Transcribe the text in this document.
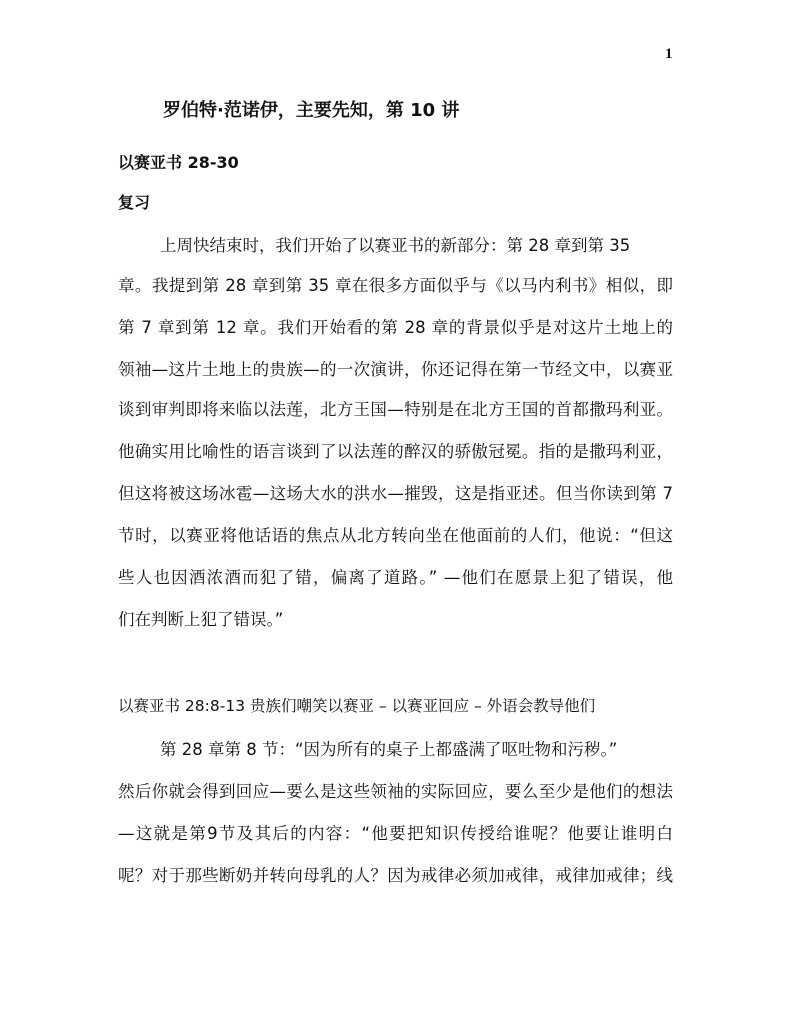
1
罗伯特·范诺伊，主要先知，第 10 讲
以赛亚书 28-30
复习
上周快结束时，我们开始了以赛亚书的新部分：第 28 章到第 35
章。我提到第 28 章到第 35 章在很多方面似乎与《以马内利书》相似，即
第 7 章到第 12 章。我们开始看的第 28 章的背景似乎是对这片土地上的
领袖—这片土地上的贵族—的一次演讲，你还记得在第一节经文中，以赛亚
谈到审判即将来临以法莲，北方王国—特别是在北方王国的首都撒玛利亚。
他确实用比喻性的语言谈到了以法莲的醉汉的骄傲冠冕。指的是撒玛利亚，
但这将被这场冰雹—这场大水的洪水—摧毁，这是指亚述。但当你读到第 7
节时，以赛亚将他话语的焦点从北方转向坐在他面前的人们，他说：“但这
些人也因酒浓酒而犯了错，偏离了道路。” —他们在愿景上犯了错误，他
们在判断上犯了错误。”
以赛亚书 28:8-13 贵族们嘲笑以赛亚 – 以赛亚回应 – 外语会教导他们
第 28 章第 8 节：“因为所有的桌子上都盛满了呕吐物和污秽。”
然后你就会得到回应—要么是这些领袖的实际回应，要么至少是他们的想法
—这就是第9节及其后的内容：“他要把知识传授给谁呢？他要让谁明白
呢？对于那些断奶并转向母乳的人？因为戒律必须加戒律，戒律加戒律；线
